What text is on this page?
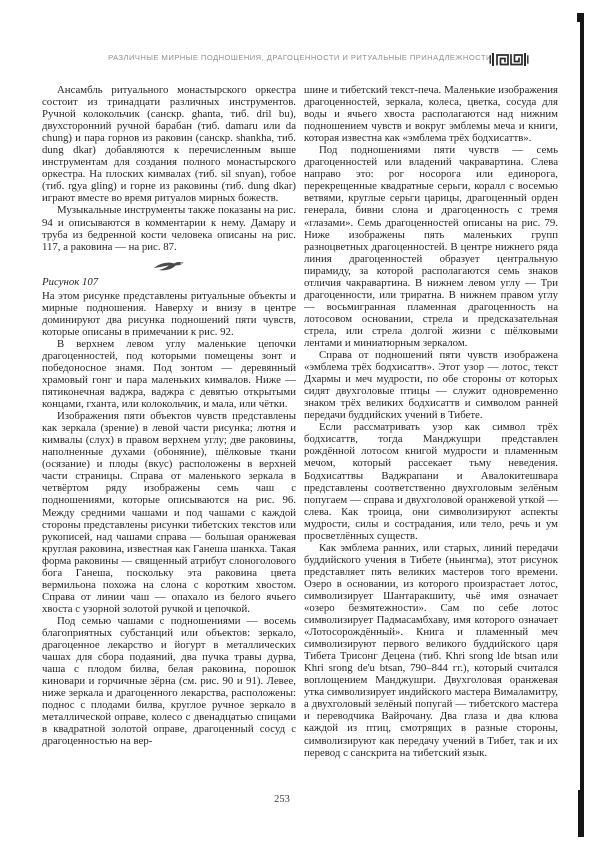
РАЗЛИЧНЫЕ МИРНЫЕ ПОДНОШЕНИЯ, ДРАГОЦЕННОСТИ И РИТУАЛЬНЫЕ ПРИНАДЛЕЖНОСТИ

Ансамбль ритуального монастырского оркестра состоит из тринадцати различных инструментов. Ручной колокольчик (санскр. ghanta, тиб. dril bu), двухсторонний ручной барабан (тиб. damaru или da chung) и пара горнов из раковин (санскр. shankha, тиб. dung dkar) добавляются к перечисленным выше инструментам для создания полного монастырского оркестра. На плоских кимвалах (тиб. sil snyan), гобое (тиб. rgya gling) и горне из раковины (тиб. dung dkar) играют вместе во время ритуалов мирных божеств.

Музыкальные инструменты также показаны на рис. 94 и описываются в комментарии к нему. Дамару и труба из бедренной кости человека описаны на рис. 117, а раковина — на рис. 87.

Рисунок 107

На этом рисунке представлены ритуальные объекты и мирные подношения. Наверху и внизу в центре доминируют два рисунка подношений пяти чувств, которые описаны в примечании к рис. 92.

В верхнем левом углу маленькие цепочки драгоценностей, под которыми помещены зонт и победоносное знамя. Под зонтом — деревянный храмовый гонг и пара маленьких кимвалов. Ниже — пятиконечная ваджра, ваджра с девятью открытыми концами, гханта, или колокольчик, и мала, или чётки.

Изображения пяти объектов чувств представлены как зеркала (зрение) в левой части рисунка; лютня и кимвалы (слух) в правом верхнем углу; две раковины, наполненные духами (обоняние), шёлковые ткани (осязание) и плоды (вкус) расположены в верхней части страницы. Справа от маленького зеркала в четвёртом ряду изображены семь чаш с подношениями, которые описываются на рис. 96. Между средними чашами и под чашами с каждой стороны представлены рисунки тибетских текстов или рукописей, над чашами справа — большая оранжевая круглая раковина, известная как Ганеша шанкха. Такая форма раковины — священный атрибут слоноголового бога Ганеша, поскольку эта раковина цвета вермильона похожа на слона с коротким хвостом. Справа от линии чаш — опахало из белого ячьего хвоста с узорной золотой ручкой и цепочкой.

Под семью чашами с подношениями — восемь благоприятных субстанций или объектов: зеркало, драгоценное лекарство и йогурт в металлических чашах для сбора подаяний, два пучка травы дурва, чаша с плодом билва, белая раковина, порошок киновари и горчичные зёрна (см. рис. 90 и 91). Левее, ниже зеркала и драгоценного лекарства, расположены: поднос с плодами билва, круглое ручное зеркало в металлической оправе, колесо с двенадцатью спицами в квадратной золотой оправе, драгоценный сосуд с драгоценностью на вер-

шине и тибетский текст-печа. Маленькие изображения драгоценностей, зеркала, колеса, цветка, сосуда для воды и ячьего хвоста располагаются над нижним подношением чувств и вокруг эмблемы меча и книги, которая известна как «эмблема трёх бодхисаттв».

Под подношениями пяти чувств — семь драгоценностей или владений чакравартина. Слева направо это: рог носорога или единорога, перекрещенные квадратные серьги, коралл с восемью ветвями, круглые серьги царицы, драгоценный орден генерала, бивни слона и драгоценность с тремя «глазами». Семь драгоценностей описаны на рис. 79. Ниже изображены пять маленьких групп разноцветных драгоценностей. В центре нижнего ряда линия драгоценностей образует центральную пирамиду, за которой располагаются семь знаков отличия чакравартина. В нижнем левом углу — Три драгоценности, или триратна. В нижнем правом углу — восьмигранная пламенная драгоценность на лотосовом основании, стрела и предсказательная стрела, или стрела долгой жизни с шёлковыми лентами и миниатюрным зеркалом.

Справа от подношений пяти чувств изображена «эмблема трёх бодхисаттв». Этот узор — лотос, текст Дхармы и меч мудрости, по обе стороны от которых сидят двухголовые птицы — служит одновременно знаком трёх великих бодхисаттв и символом ранней передачи буддийских учений в Тибете.

Если рассматривать узор как символ трёх бодхисаттв, тогда Манджушри представлен рождённой лотосом книгой мудрости и пламенным мечом, который рассекает тьму неведения. Бодхисаттвы Ваджрапани и Авалокитешвара представлены соответственно двухголовым зелёным попугаем — справа и двухголовой оранжевой уткой — слева. Как троица, они символизируют аспекты мудрости, силы и сострадания, или тело, речь и ум просветлённых существ.

Как эмблема ранних, или старых, линий передачи буддийского учения в Тибете (ньингма), этот рисунок представляет пять великих мастеров того времени. Озеро в основании, из которого произрастает лотос, символизирует Шантаракшиту, чьё имя означает «озеро безмятежности». Сам по себе лотос символизирует Падмасамбхаву, имя которого означает «Лотосорождённый». Книга и пламенный меч символизируют первого великого буддийского царя Тибета Трисонг Децена (тиб. Khri srong lde btsan или Khri srong de'u btsan, 790–844 гг.), который считался воплощением Манджушри. Двухголовая оранжевая утка символизирует индийского мастера Вималамитру, а двухголовый зелёный попугай — тибетского мастера и переводчика Вайрочану. Два глаза и два клюва каждой из птиц, смотрящих в разные стороны, символизируют как передачу учений в Тибет, так и их перевод с санскрита на тибетский язык.

253
